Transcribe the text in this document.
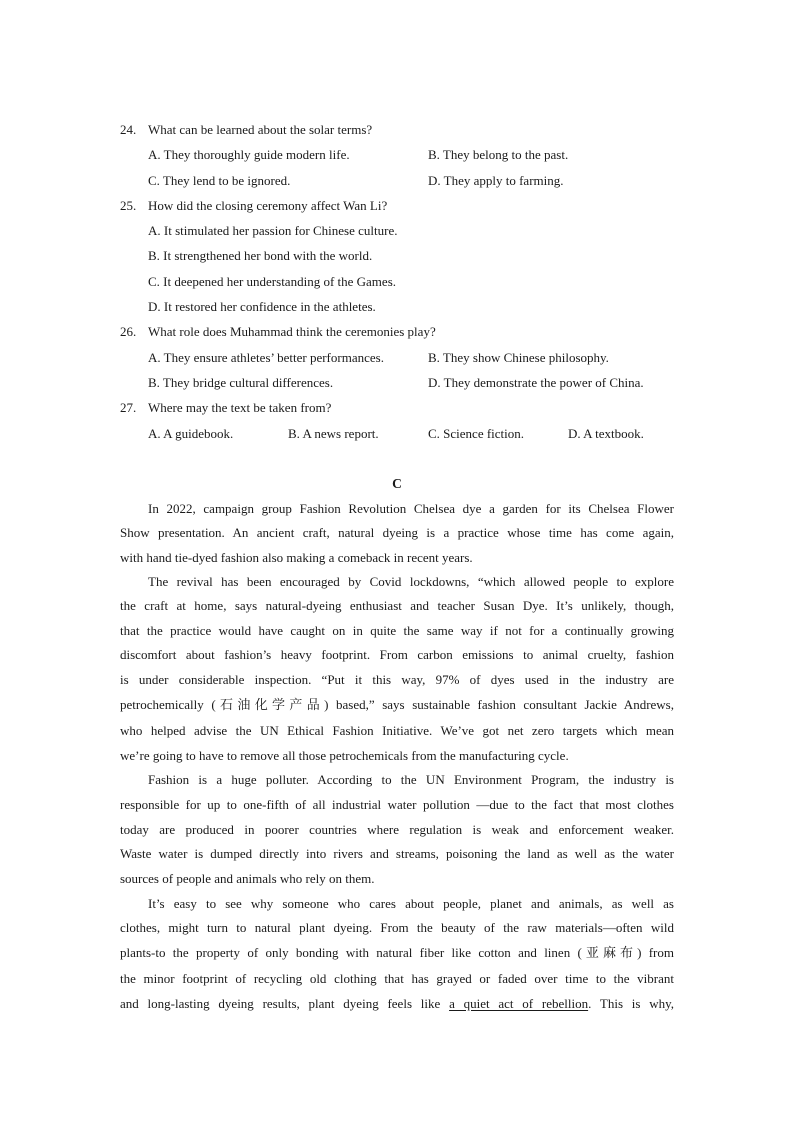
24. What can be learned about the solar terms?
A. They thoroughly guide modern life.	B. They belong to the past.
C. They lend to be ignored.	D. They apply to farming.
25. How did the closing ceremony affect Wan Li?
A. It stimulated her passion for Chinese culture.
B. It strengthened her bond with the world.
C. It deepened her understanding of the Games.
D. It restored her confidence in the athletes.
26. What role does Muhammad think the ceremonies play?
A. They ensure athletes’ better performances.	B. They show Chinese philosophy.
B. They bridge cultural differences.	D. They demonstrate the power of China.
27. Where may the text be taken from?
A. A guidebook.	B. A news report.	C. Science fiction.	D. A textbook.
C
In 2022, campaign group Fashion Revolution Chelsea dye a garden for its Chelsea Flower
Show presentation. An ancient craft, natural dyeing is a practice whose time has come again,
with hand tie-dyed fashion also making a comeback in recent years.
The revival has been encouraged by Covid lockdowns, “which allowed people to explore
the craft at home, says natural-dyeing enthusiast and teacher Susan Dye. It’s unlikely, though,
that the practice would have caught on in quite the same way if not for a continually growing
discomfort about fashion’s heavy footprint. From carbon emissions to animal cruelty, fashion
is under considerable inspection. “Put it this way, 97% of dyes used in the industry are
petrochemically (石油化学产品) based,” says sustainable fashion consultant Jackie Andrews,
who helped advise the UN Ethical Fashion Initiative. We’ve got net zero targets which mean
we’re going to have to remove all those petrochemicals from the manufacturing cycle.
Fashion is a huge polluter. According to the UN Environment Program, the industry is
responsible for up to one-fifth of all industrial water pollution —due to the fact that most clothes
today are produced in poorer countries where regulation is weak and enforcement weaker.
Waste water is dumped directly into rivers and streams, poisoning the land as well as the water
sources of people and animals who rely on them.
It’s easy to see why someone who cares about people, planet and animals, as well as
clothes, might turn to natural plant dyeing. From the beauty of the raw materials—often wild
plants-to the property of only bonding with natural fiber like cotton and linen (亚麻布) from
the minor footprint of recycling old clothing that has grayed or faded over time to the vibrant
and long-lasting dyeing results, plant dyeing feels like a quiet act of rebellion. This is why,
